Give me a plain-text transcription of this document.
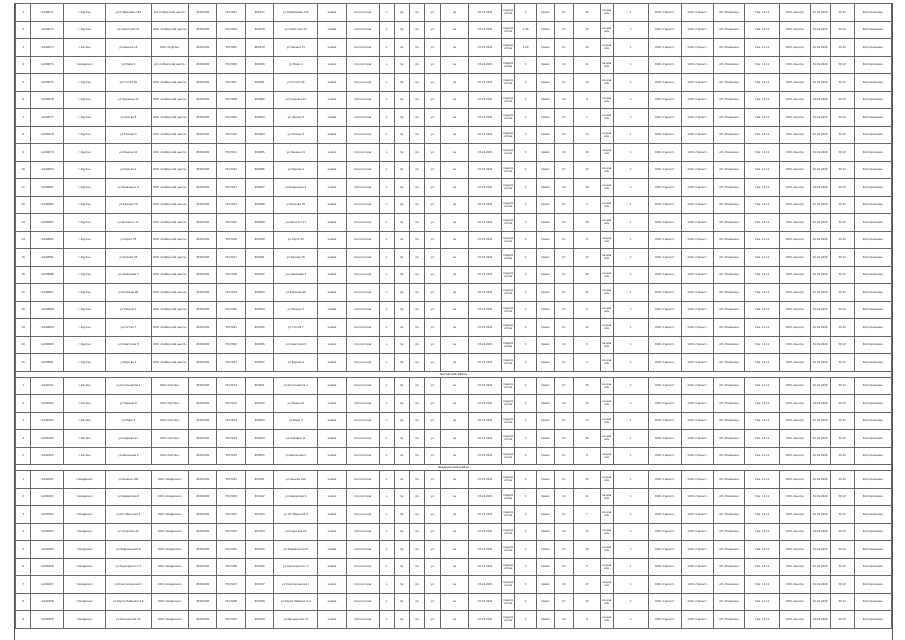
1	4-040071	г.Курган	ул.Куйбышева 143	АО «Сибирский центр»	45401000	5517003	652977	уч.Куйбышева 143	жилая	плоскостная	к	пр.	пр.	ул.	лн	07.12.2021	предприятие	1	прямо	пп.	50	не давали	1	ООО «Гарант»	ООО «Гарант»	АО «Ромашка»	Тем. 11.11	ООО «Центр»	01.01.2020	30.12	Распоряжение
2	4-040072	г.Курган	ул.Советская 21	ООО «Сибирский центр»	45401000	5517004	652978	ул.Советская 21	жилая	плоскостная	к	пр.	пр.	ул.	лн	07.12.2021	предприятие	1.36	прямо	пп.	15	не давали	1	ООО «Гарант»	ООО «Гарант»	АО «Ромашка»	Тем. 11.11	ООО «Центр»	01.01.2020	30.12	Распоряжение
3	4-040073	с.Кетово	ул.Ленина 15	ООО «Курган»	45401000	5517005	652979	ул.Ленина 15	жилая	плоскостная	к	пр.	пр.	ул.	лн	07.12.2021	предприятие	1.00	прямо	пп.	20	не давали	1	ООО «Гарант»	ООО «Гарант»	АО «Ромашка»	Тем. 11.11	ООО «Центр»	01.01.2020	30.12	Распоряжение
4	4-040074	г.Шадринск	ул.Мира 4	АО «Сибирский центр»	45401000	5517006	652980	ул.Мира 4	жилая	плоскостная	к	пр.	пр.	ул.	лн	07.12.2021	предприятие	1	прямо	пп.	11	не давали	1	ООО «Гарант»	ООО «Гарант»	АО «Ромашка»	Тем. 11.11	ООО «Центр»	01.01.2020	30.12	Распоряжение
5	4-040075	г.Курган	ул.Гоголя 56	ООО «Сибирский центр»	45401000	5517007	652981	ул.Гоголя 56	жилая	плоскостная	к	пр.	пр.	ул.	лн	07.12.2021	предприятие	1	прямо	пп.	10	не давали	1	ООО «Гарант»	ООО «Гарант»	АО «Ромашка»	Тем. 11.11	ООО «Центр»	01.01.2020	30.12	Распоряжение
6	4-040076	г.Курган	ул.Пушкина 12	ООО «Сибирский центр»	45401000	5517008	652982	ул.Пушкина 12	жилая	плоскостная	к	пр.	пр.	ул.	лн	07.12.2021	предприятие	1	прямо	пп.	9	не давали	1	ООО «Гарант»	ООО «Гарант»	АО «Ромашка»	Тем. 11.11	ООО «Центр»	01.01.2020	30.12	Распоряжение
7	4-040077	г.Курган	ул.Чехова 8	ООО «Сибирский центр»	45401000	5517009	652983	ул.Чехова 8	жилая	плоскостная	к	пр.	пр.	ул.	лн	07.12.2021	предприятие	1	прямо	пп.	7	не давали	1	ООО «Гарант»	ООО «Гарант»	АО «Ромашка»	Тем. 11.11	ООО «Центр»	01.01.2020	30.12	Распоряжение
8	4-040078	г.Курган	ул.Томина 3	ООО «Сибирский центр»	45401000	5517010	652984	ул.Томина 3	жилая	плоскостная	к	пр.	пр.	ул.	лн	07.12.2021	предприятие	1	прямо	пп.	14	не давали	1	ООО «Гарант»	ООО «Гарант»	АО «Ромашка»	Тем. 11.11	ООО «Центр»	01.01.2020	30.12	Распоряжение
9	4-040079	г.Курган	ул.Ленина 41	ООО «Сибирский центр»	45401000	5517011	652985	ул.Ленина 41	жилая	плоскостная	к	пр.	пр.	ул.	лн	07.12.2021	предприятие	1	прямо	пп.	16	не давали	1	ООО «Гарант»	ООО «Гарант»	АО «Ромашка»	Тем. 11.11	ООО «Центр»	01.01.2020	30.12	Распоряжение
10	4-040080	г.Курган	ул.Кирова 2	ООО «Сибирский центр»	45401000	5517012	652986	ул.Кирова 2	жилая	плоскостная	к	пр.	пр.	ул.	лн	07.12.2021	предприятие	1	прямо	пп.	12	не давали	1	ООО «Гарант»	ООО «Гарант»	АО «Ромашка»	Тем. 11.11	ООО «Центр»	01.01.2020	30.12	Распоряжение
11	4-040081	г.Курган	ул.Кравченко 9	ООО «Сибирский центр»	45401000	5517013	652987	ул.Кравченко 9	жилая	плоскостная	к	пр.	пр.	ул.	лн	07.12.2021	предприятие	1	прямо	пп.	30	не давали	1	ООО «Гарант»	ООО «Гарант»	АО «Ромашка»	Тем. 11.11	ООО «Центр»	01.01.2020	30.12	Распоряжение
12	4-040082	г.Курган	ул.Бажова 70	ООО «Сибирский центр»	45401000	5517014	652988	ул.Бажова 70	жилая	плоскостная	к	пр.	пр.	ул.	лн	07.12.2021	предприятие	1	прямо	пп.	4	не давали	1	ООО «Гарант»	ООО «Гарант»	АО «Ромашка»	Тем. 11.11	ООО «Центр»	01.01.2020	30.12	Распоряжение
13	4-040083	г.Курган	ул.Урицкого 17	ООО «Сибирский центр»	45401000	5517015	652989	ул.Урицкого 17	жилая	плоскостная	к	пр.	пр.	ул.	лн	07.12.2021	предприятие	1	прямо	пп.	19	не давали	1	ООО «Гарант»	ООО «Гарант»	АО «Ромашка»	Тем. 11.11	ООО «Центр»	01.01.2020	30.12	Распоряжение
14	4-040084	г.Курган	ул.Зорге 33	ООО «Сибирский центр»	45401000	5517016	652990	ул.Зорге 33	жилая	плоскостная	к	пр.	пр.	ул.	лн	07.12.2021	предприятие	1	прямо	пп.	8	не давали	1	ООО «Гарант»	ООО «Гарант»	АО «Ромашка»	Тем. 11.11	ООО «Центр»	01.01.2020	30.12	Распоряжение
15	4-040085	г.Курган	ул.Кирова 76	ООО «Сибирский центр»	45401000	5517017	652991	ул.Кирова 76	жилая	плоскостная	к	пр.	пр.	ул.	лн	07.12.2021	предприятие	1	прямо	пп.	13	не давали	1	ООО «Гарант»	ООО «Гарант»	АО «Ромашка»	Тем. 11.11	ООО «Центр»	01.01.2020	30.12	Распоряжение
16	4-040086	г.Курган	ул.Савельева 5	ООО «Сибирский центр»	45401000	5517018	652992	ул.Савельева 5	жилая	плоскостная	к	пр.	пр.	ул.	лн	07.12.2021	предприятие	1	прямо	пп.	18	не давали	1	ООО «Гарант»	ООО «Гарант»	АО «Ромашка»	Тем. 11.11	ООО «Центр»	01.01.2020	30.12	Распоряжение
17	4-040087	г.Курган	ул.Климова 60	ООО «Сибирский центр»	45401000	5517019	652993	ул.Климова 60	жилая	плоскостная	к	пр.	пр.	ул.	лн	07.12.2021	предприятие	1	прямо	пп.	21	не давали	1	ООО «Гарант»	ООО «Гарант»	АО «Ромашка»	Тем. 11.11	ООО «Центр»	01.01.2020	30.12	Распоряжение
18	4-040088	г.Курган	ул.Ленина 1	ООО «Сибирский центр»	45401000	5517020	652994	ул.Ленина 1	жилая	плоскостная	к	пр.	пр.	ул.	лн	07.12.2021	предприятие	1	прямо	пп.	6	не давали	1	ООО «Гарант»	ООО «Гарант»	АО «Ромашка»	Тем. 11.11	ООО «Центр»	01.01.2020	30.12	Распоряжение
19	4-040089	г.Курган	ул.Гоголя 7	ООО «Сибирский центр»	45401000	5517021	652995	ул.Гоголя 7	жилая	плоскостная	к	пр.	пр.	ул.	лн	07.12.2021	предприятие	1	прямо	пп.	22	не давали	1	ООО «Гарант»	ООО «Гарант»	АО «Ромашка»	Тем. 11.11	ООО «Центр»	01.01.2020	30.12	Распоряжение
20	4-040090	г.Курган	ул.Советская 8	ООО «Сибирский центр»	45401000	5517022	652996	ул.Советская 8	жилая	плоскостная	к	пр.	пр.	ул.	лн	07.12.2021	предприятие	1	прямо	пп.	5	не давали	1	ООО «Гарант»	ООО «Гарант»	АО «Ромашка»	Тем. 11.11	ООО «Центр»	01.01.2020	30.12	Распоряжение
21	4-040091	г.Курган	ул.Бурова 4	ООО «Сибирский центр»	45401000	5517023	652997	ул.Бурова 4	жилая	плоскостная	к	пр.	пр.	ул.	лн	07.12.2021	предприятие	1	прямо	пп.	3	не давали	1	ООО «Гарант»	ООО «Гарант»	АО «Ромашка»	Тем. 11.11	ООО «Центр»	01.01.2020	30.12	Распоряжение
Кетовский район																															
1	4-040101	с.Кетово	ул.Космонавтов 1	ООО «Кетово»	45401000	5517101	653001	ул.Космонавтов 1	жилая	плоскостная	к	пр.	пр.	ул.	лн	07.12.2021	предприятие	1	прямо	пп.	30	не давали	1	ООО «Гарант»	ООО «Гарант»	АО «Ромашка»	Тем. 11.11	ООО «Центр»	01.01.2020	30.12	Распоряжение
2	4-040102	с.Кетово	ул.Ленина 9	ООО «Кетово»	45401000	5517102	653002	ул.Ленина 9	жилая	плоскостная	к	пр.	пр.	ул.	лн	07.12.2021	предприятие	1	прямо	пп.	12	не давали	1	ООО «Гарант»	ООО «Гарант»	АО «Ромашка»	Тем. 11.11	ООО «Центр»	01.01.2020	30.12	Распоряжение
3	4-040103	с.Кетово	ул.Мира 3	ООО «Кетово»	45401000	5517103	653003	ул.Мира 3	жилая	плоскостная	к	пр.	пр.	ул.	лн	07.12.2021	предприятие	1	прямо	пп.	14	не давали	1	ООО «Гарант»	ООО «Гарант»	АО «Ромашка»	Тем. 11.11	ООО «Центр»	01.01.2020	30.12	Распоряжение
4	4-040104	с.Кетово	ул.Садовая 11	ООО «Кетово»	45401000	5517104	653004	ул.Садовая 11	жилая	плоскостная	к	пр.	пр.	ул.	лн	07.12.2021	предприятие	1	прямо	пп.	16	не давали	1	ООО «Гарант»	ООО «Гарант»	АО «Ромашка»	Тем. 11.11	ООО «Центр»	01.01.2020	30.12	Распоряжение
5	4-040105	с.Кетово	ул.Школьная 2	ООО «Кетово»	45401000	5517105	653005	ул.Школьная 2	жилая	плоскостная	к	пр.	пр.	ул.	лн	07.12.2021	предприятие	1	прямо	пп.	9	не давали	1	ООО «Гарант»	ООО «Гарант»	АО «Ромашка»	Тем. 11.11	ООО «Центр»	01.01.2020	30.12	Распоряжение
Шадринский район																															
1	4-040201	г.Шадринск	ул.Ленина 100	ООО «Шадринск»	45401000	5517201	653101	ул.Ленина 100	жилая	плоскостная	к	пр.	пр.	ул.	лн	07.12.2021	предприятие	1	прямо	пп.	25	не давали	1	ООО «Гарант»	ООО «Гарант»	АО «Ромашка»	Тем. 11.11	ООО «Центр»	01.01.2020	30.12	Распоряжение
2	4-040202	г.Шадринск	ул.Свердлова 6	ООО «Шадринск»	45401000	5517202	653102	ул.Свердлова 6	жилая	плоскостная	к	пр.	пр.	ул.	лн	07.12.2021	предприятие	1	прямо	пп.	11	не давали	1	ООО «Гарант»	ООО «Гарант»	АО «Ромашка»	Тем. 11.11	ООО «Центр»	01.01.2020	30.12	Распоряжение
3	4-040203	г.Шадринск	ул.Октябрьская 4	ООО «Шадринск»	45401000	5517203	653103	ул.Октябрьская 4	жилая	плоскостная	к	пр.	пр.	ул.	лн	07.12.2021	предприятие	1	прямо	пп.	7	не давали	1	ООО «Гарант»	ООО «Гарант»	АО «Ромашка»	Тем. 11.11	ООО «Центр»	01.01.2020	30.12	Распоряжение
4	4-040204	г.Шадринск	ул.Спартака 22	ООО «Шадринск»	45401000	5517204	653104	ул.Спартака 22	жилая	плоскостная	к	пр.	пр.	ул.	лн	07.12.2021	предприятие	1	прямо	пп.	13	не давали	1	ООО «Гарант»	ООО «Гарант»	АО «Ромашка»	Тем. 11.11	ООО «Центр»	01.01.2020	30.12	Распоряжение
5	4-040205	г.Шадринск	ул.Февральская 8	ООО «Шадринск»	45401000	5517205	653105	ул.Февральская 8	жилая	плоскостная	к	пр.	пр.	ул.	лн	07.12.2021	предприятие	1	прямо	пп.	19	не давали	1	ООО «Гарант»	ООО «Гарант»	АО «Ромашка»	Тем. 11.11	ООО «Центр»	01.01.2020	30.12	Распоряжение
6	4-040206	г.Шадринск	ул.Луначарского 3	ООО «Шадринск»	45401000	5517206	653106	ул.Луначарского 3	жилая	плоскостная	к	пр.	пр.	ул.	лн	07.12.2021	предприятие	1	прямо	пп.	5	не давали	1	ООО «Гарант»	ООО «Гарант»	АО «Ромашка»	Тем. 11.11	ООО «Центр»	01.01.2020	30.12	Распоряжение
7	4-040207	г.Шадринск	ул.Комсомольская 1	ООО «Шадринск»	45401000	5517207	653107	ул.Комсомольская 1	жилая	плоскостная	к	пр.	пр.	ул.	лн	07.12.2021	предприятие	1	прямо	пп.	17	не давали	1	ООО «Гарант»	ООО «Гарант»	АО «Ромашка»	Тем. 11.11	ООО «Центр»	01.01.2020	30.12	Распоряжение
8	4-040208	г.Шадринск	ул.Карла Либкнехта 9	ООО «Шадринск»	45401000	5517208	653108	ул.Карла Либкнехта 9	жилая	плоскостная	к	пр.	пр.	ул.	лн	07.12.2021	предприятие	1	прямо	пп.	10	не давали	1	ООО «Гарант»	ООО «Гарант»	АО «Ромашка»	Тем. 11.11	ООО «Центр»	01.01.2020	30.12	Распоряжение
9	4-040209	г.Шадринск	ул.Пионерская 15	ООО «Шадринск»	45401000	5517209	653109	ул.Пионерская 15	жилая	плоскостная	к	пр.	пр.	ул.	лн	07.12.2021	предприятие	1	прямо	пп.	8	не давали	1	ООО «Гарант»	ООО «Гарант»	АО «Ромашка»	Тем. 11.11	ООО «Центр»	01.01.2020	30.12	Распоряжение
